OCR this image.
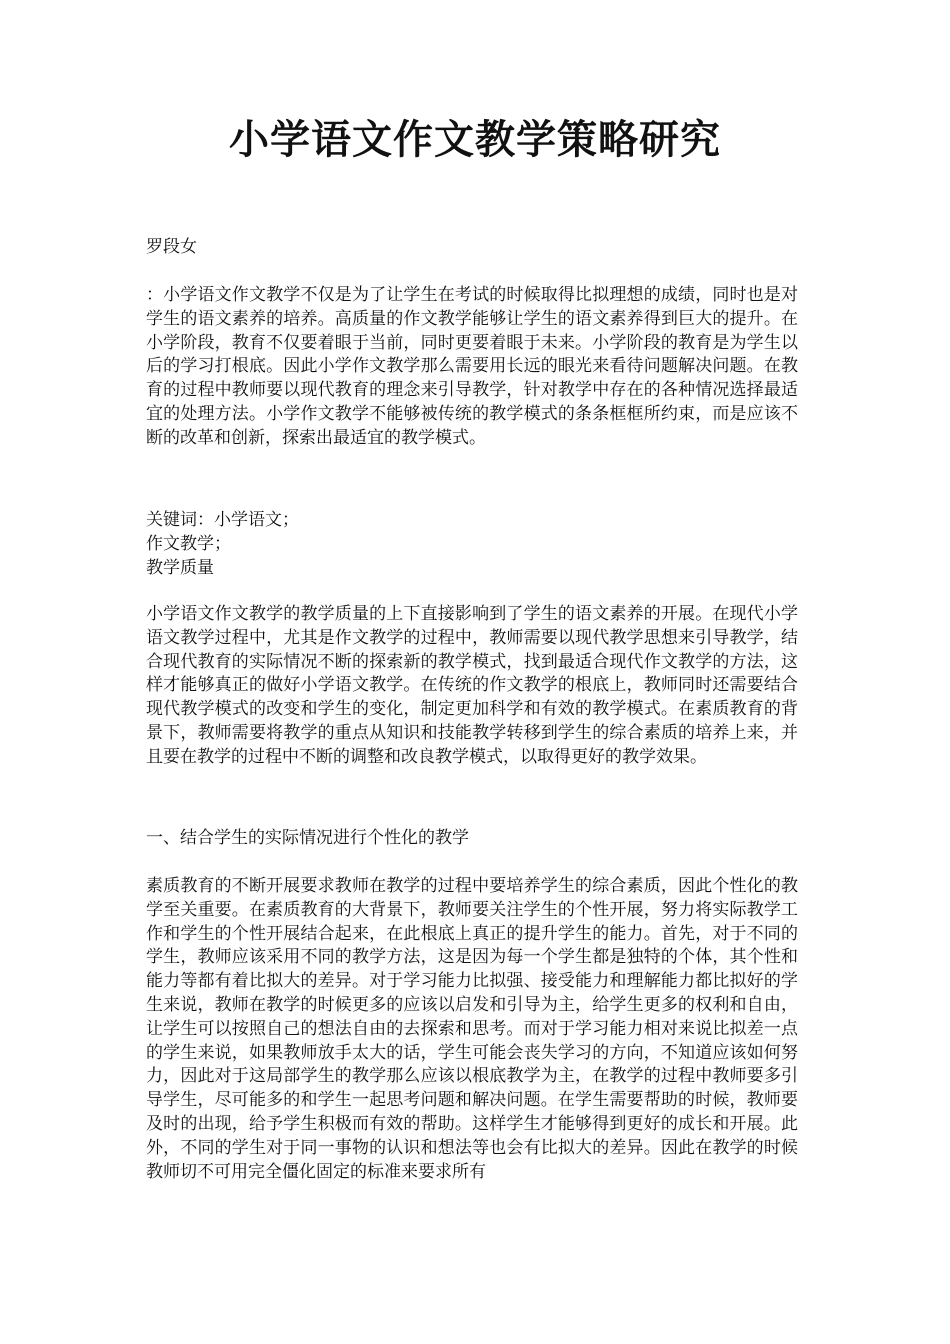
小学语文作文教学策略研究

罗段女

：小学语文作文教学不仅是为了让学生在考试的时候取得比拟理想的成绩，同时也是对学生的语文素养的培养。高质量的作文教学能够让学生的语文素养得到巨大的提升。在小学阶段，教育不仅要着眼于当前，同时更要着眼于未来。小学阶段的教育是为学生以后的学习打根底。因此小学作文教学那么需要用长远的眼光来看待问题解决问题。在教育的过程中教师要以现代教育的理念来引导教学，针对教学中存在的各种情况选择最适宜的处理方法。小学作文教学不能够被传统的教学模式的条条框框所约束，而是应该不断的改革和创新，探索出最适宜的教学模式。

关键词：小学语文；
作文教学；
教学质量

小学语文作文教学的教学质量的上下直接影响到了学生的语文素养的开展。在现代小学语文教学过程中，尤其是作文教学的过程中，教师需要以现代教学思想来引导教学，结合现代教育的实际情况不断的探索新的教学模式，找到最适合现代作文教学的方法，这样才能够真正的做好小学语文教学。在传统的作文教学的根底上，教师同时还需要结合现代教学模式的改变和学生的变化，制定更加科学和有效的教学模式。在素质教育的背景下，教师需要将教学的重点从知识和技能教学转移到学生的综合素质的培养上来，并且要在教学的过程中不断的调整和改良教学模式，以取得更好的教学效果。

一、结合学生的实际情况进行个性化的教学

素质教育的不断开展要求教师在教学的过程中要培养学生的综合素质，因此个性化的教学至关重要。在素质教育的大背景下，教师要关注学生的个性开展，努力将实际教学工作和学生的个性开展结合起来，在此根底上真正的提升学生的能力。首先，对于不同的学生，教师应该采用不同的教学方法，这是因为每一个学生都是独特的个体，其个性和能力等都有着比拟大的差异。对于学习能力比拟强、接受能力和理解能力都比拟好的学生来说，教师在教学的时候更多的应该以启发和引导为主，给学生更多的权利和自由，让学生可以按照自己的想法自由的去探索和思考。而对于学习能力相对来说比拟差一点的学生来说，如果教师放手太大的话，学生可能会丧失学习的方向，不知道应该如何努力，因此对于这局部学生的教学那么应该以根底教学为主，在教学的过程中教师要多引导学生，尽可能多的和学生一起思考问题和解决问题。在学生需要帮助的时候，教师要及时的出现，给予学生积极而有效的帮助。这样学生才能够得到更好的成长和开展。此外，不同的学生对于同一事物的认识和想法等也会有比拟大的差异。因此在教学的时候教师切不可用完全僵化固定的标准来要求所有
